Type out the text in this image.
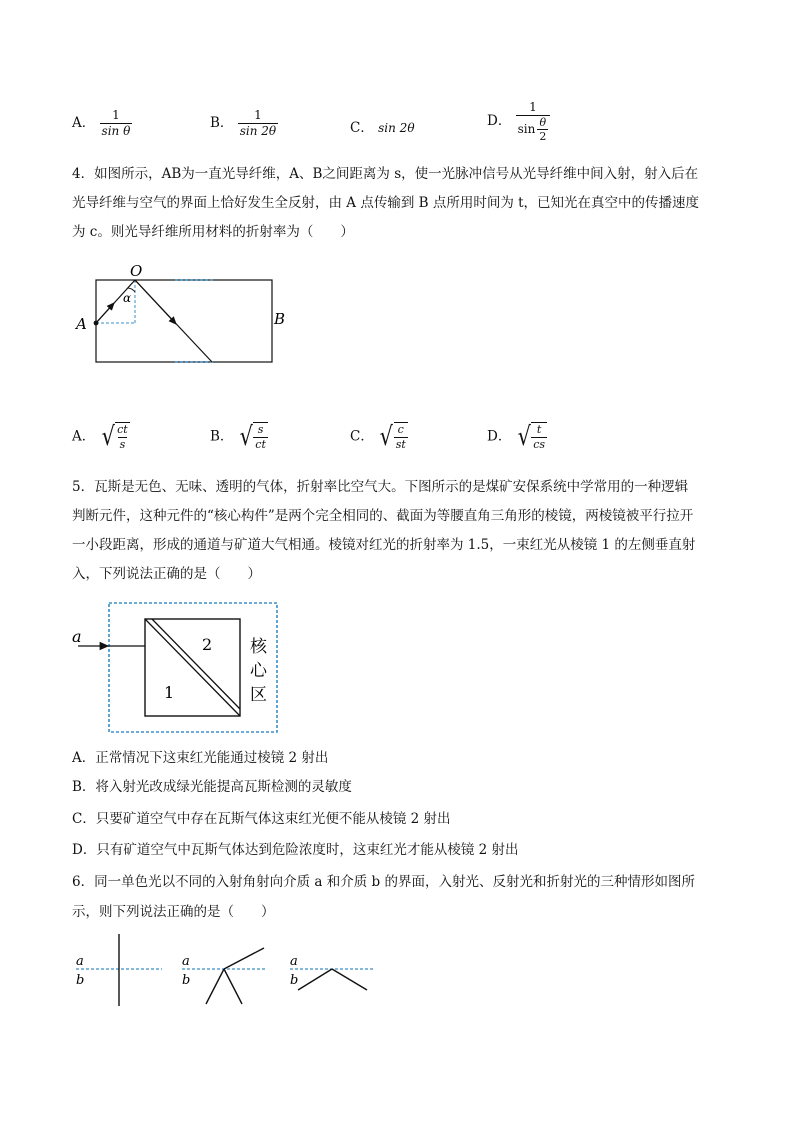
A． $\frac{1}{\text{sin θ}}$	B． $\frac{1}{\sin 2\theta}$	C． sin 2θ	D． $\frac{1}{\sin \frac{\theta}{2}}$
4．如图所示，AB为一直光导纤维，A、B之间距离为 s，使一光脉冲信号从光导纤维中间入射，射入后在
光导纤维与空气的界面上恰好发生全反射，由 A 点传输到 B 点所用时间为 t，已知光在真空中的传播速度
为 c。则光导纤维所用材料的折射率为（　　）
O
A	B
α
A． √ $\frac{ct}{s}$	B． √ $\frac{s}{ct}$	C． √ $\frac{c}{st}$	D． √ $\frac{t}{cs}$
5．瓦斯是无色、无味、透明的气体，折射率比空气大。下图所示的是煤矿安保系统中学常用的一种逻辑
判断元件，这种元件的“核心构件”是两个完全相同的、截面为等腰直角三角形的棱镜，两棱镜被平行拉开
一小段距离，形成的通道与矿道大气相通。棱镜对红光的折射率为 1.5，一束红光从棱镜 1 的左侧垂直射
入，下列说法正确的是（　　）
a	2
1
核
心
区
A．正常情况下这束红光能通过棱镜 2 射出
B．将入射光改成绿光能提高瓦斯检测的灵敏度
C．只要矿道空气中存在瓦斯气体这束红光便不能从棱镜 2 射出
D．只有矿道空气中瓦斯气体达到危险浓度时，这束红光才能从棱镜 2 射出
6．同一单色光以不同的入射角射向介质 a 和介质 b 的界面，入射光、反射光和折射光的三种情形如图所
示，则下列说法正确的是（　　）
a
b
a
b
a
b
